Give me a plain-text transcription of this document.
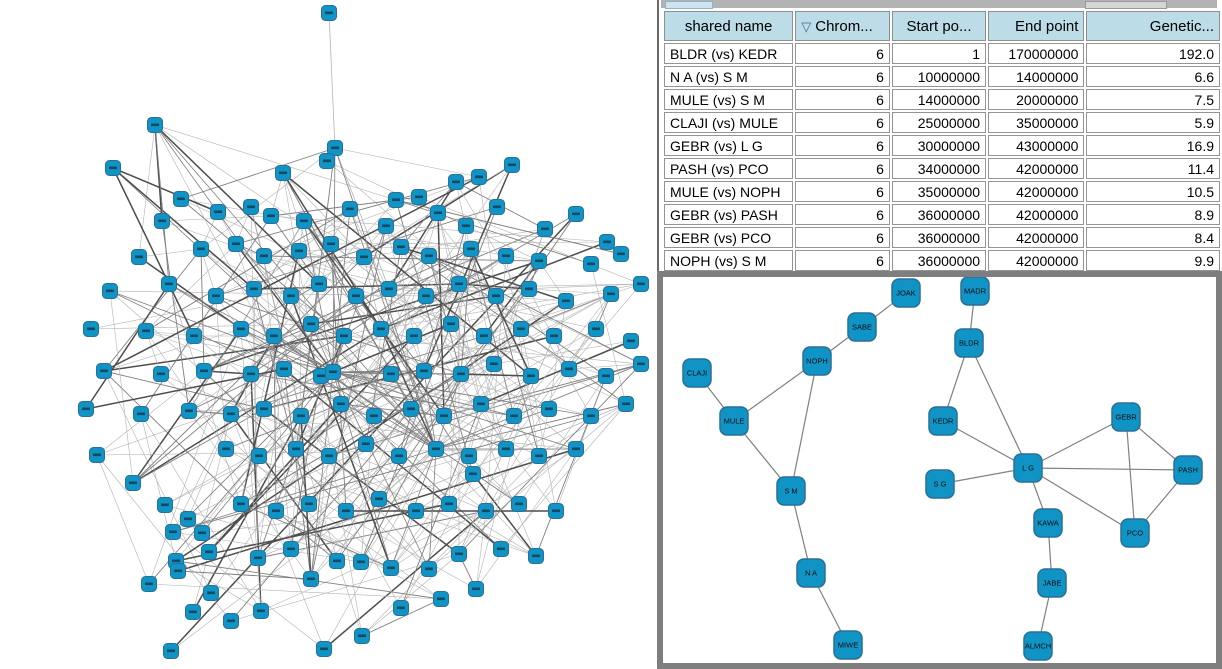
shared name	▽ Chrom...	Start po...	End point	Genetic...
BLDR (vs) KEDR	6	1	170000000	192.0
N A (vs) S M	6	10000000	14000000	6.6
MULE (vs) S M	6	14000000	20000000	7.5
CLAJI (vs) MULE	6	25000000	35000000	5.9
GEBR (vs) L G	6	30000000	43000000	16.9
PASH (vs) PCO	6	34000000	42000000	11.4
MULE (vs) NOPH	6	35000000	42000000	10.5
GEBR (vs) PASH	6	36000000	42000000	8.9
GEBR (vs) PCO	6	36000000	42000000	8.4
NOPH (vs) S M	6	36000000	42000000	9.9
JOAK	MADR
SABE
BLDR
NOPH
CLAJI
MULE	KEDR	GEBR
L G	PASH
S M
S G
KAWA
PCO
N A
JABE
MIWE	ALMCH
